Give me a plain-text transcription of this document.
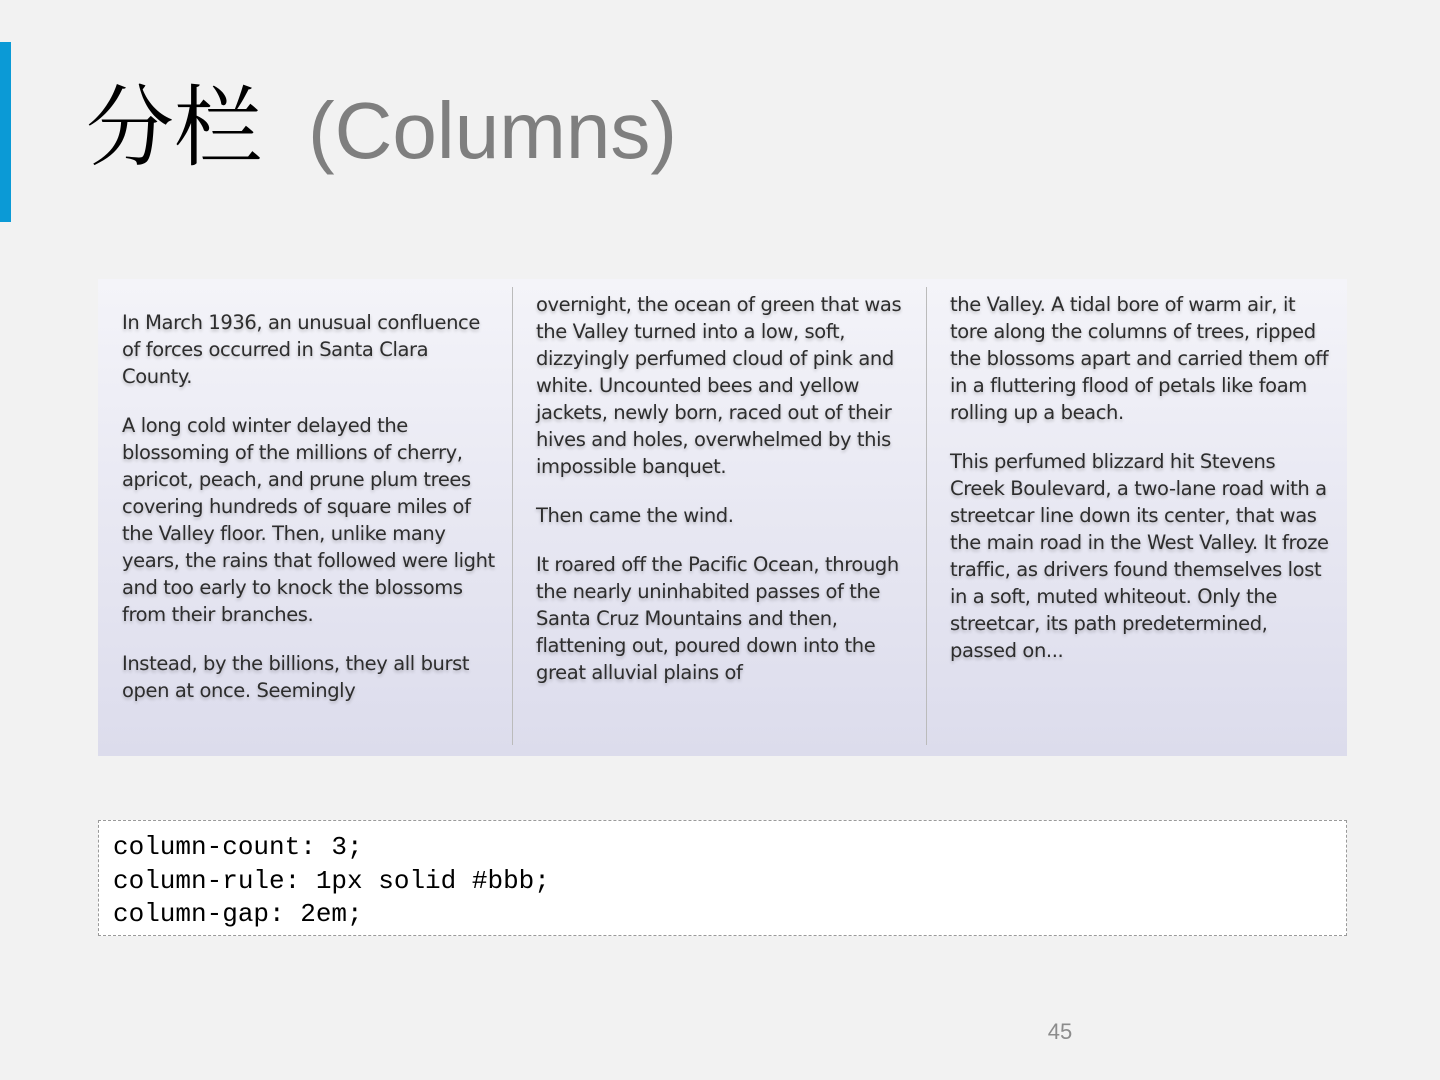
分栏 (Columns)

In March 1936, an unusual confluence of forces occurred in Santa Clara County.

A long cold winter delayed the blossoming of the millions of cherry, apricot, peach, and prune plum trees covering hundreds of square miles of the Valley floor. Then, unlike many years, the rains that followed were light and too early to knock the blossoms from their branches.

Instead, by the billions, they all burst open at once. Seemingly

overnight, the ocean of green that was the Valley turned into a low, soft, dizzyingly perfumed cloud of pink and white. Uncounted bees and yellow jackets, newly born, raced out of their hives and holes, overwhelmed by this impossible banquet.

Then came the wind.

It roared off the Pacific Ocean, through the nearly uninhabited passes of the Santa Cruz Mountains and then, flattening out, poured down into the great alluvial plains of

the Valley. A tidal bore of warm air, it tore along the columns of trees, ripped the blossoms apart and carried them off in a fluttering flood of petals like foam rolling up a beach.

This perfumed blizzard hit Stevens Creek Boulevard, a two-lane road with a streetcar line down its center, that was the main road in the West Valley. It froze traffic, as drivers found themselves lost in a soft, muted whiteout. Only the streetcar, its path predetermined, passed on...

column-count: 3;
column-rule: 1px solid #bbb;
column-gap: 2em;
45
